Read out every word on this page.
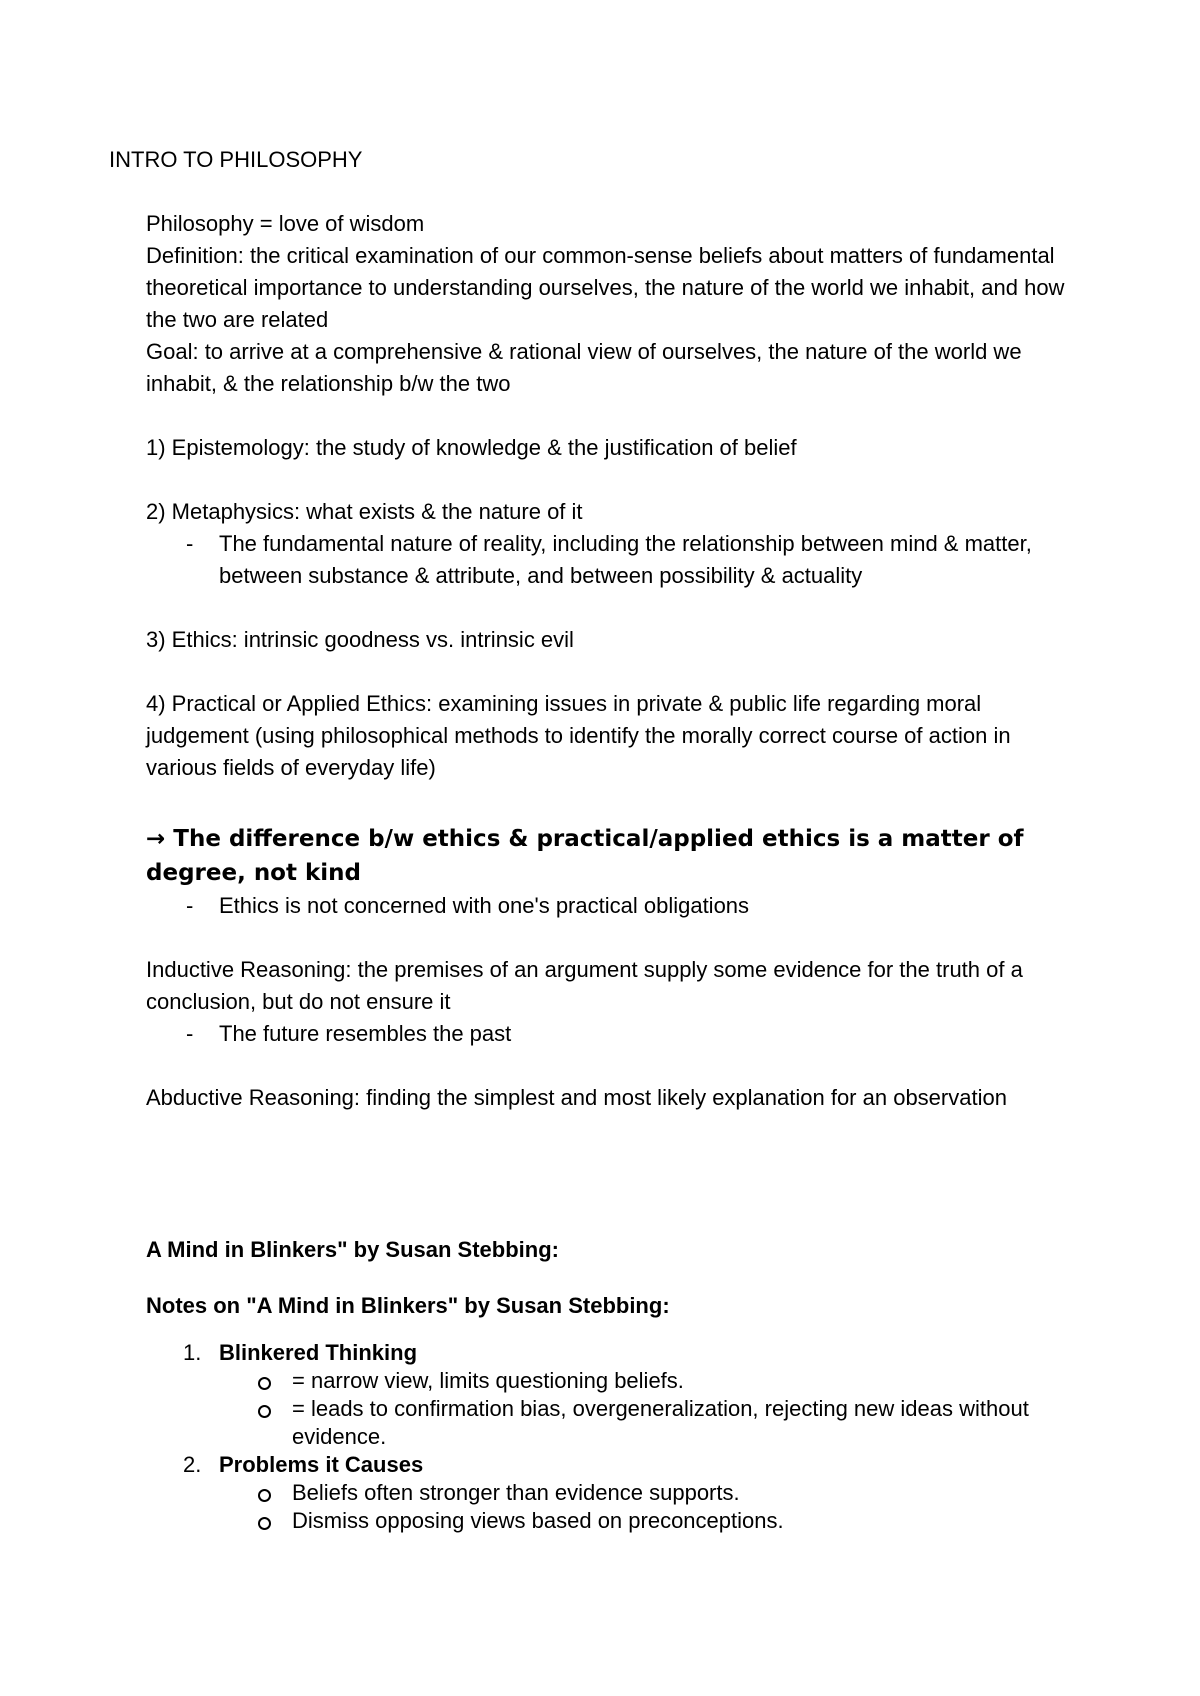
INTRO TO PHILOSOPHY

Philosophy = love of wisdom

Definition: the critical examination of our common-sense beliefs about matters of fundamental theoretical importance to understanding ourselves, the nature of the world we inhabit, and how the two are related

Goal: to arrive at a comprehensive & rational view of ourselves, the nature of the world we inhabit, & the relationship b/w the two

1) Epistemology: the study of knowledge & the justification of belief

2) Metaphysics: what exists & the nature of it

- The fundamental nature of reality, including the relationship between mind & matter, between substance & attribute, and between possibility & actuality

3) Ethics: intrinsic goodness vs. intrinsic evil

4) Practical or Applied Ethics: examining issues in private & public life regarding moral judgement (using philosophical methods to identify the morally correct course of action in various fields of everyday life)

→ The difference b/w ethics & practical/applied ethics is a matter of degree, not kind

- Ethics is not concerned with one's practical obligations

Inductive Reasoning: the premises of an argument supply some evidence for the truth of a conclusion, but do not ensure it

- The future resembles the past

Abductive Reasoning: finding the simplest and most likely explanation for an observation

A Mind in Blinkers" by Susan Stebbing:

Notes on "A Mind in Blinkers" by Susan Stebbing:

1. Blinkered Thinking

= narrow view, limits questioning beliefs.

= leads to confirmation bias, overgeneralization, rejecting new ideas without evidence.

2. Problems it Causes

Beliefs often stronger than evidence supports.

Dismiss opposing views based on preconceptions.
